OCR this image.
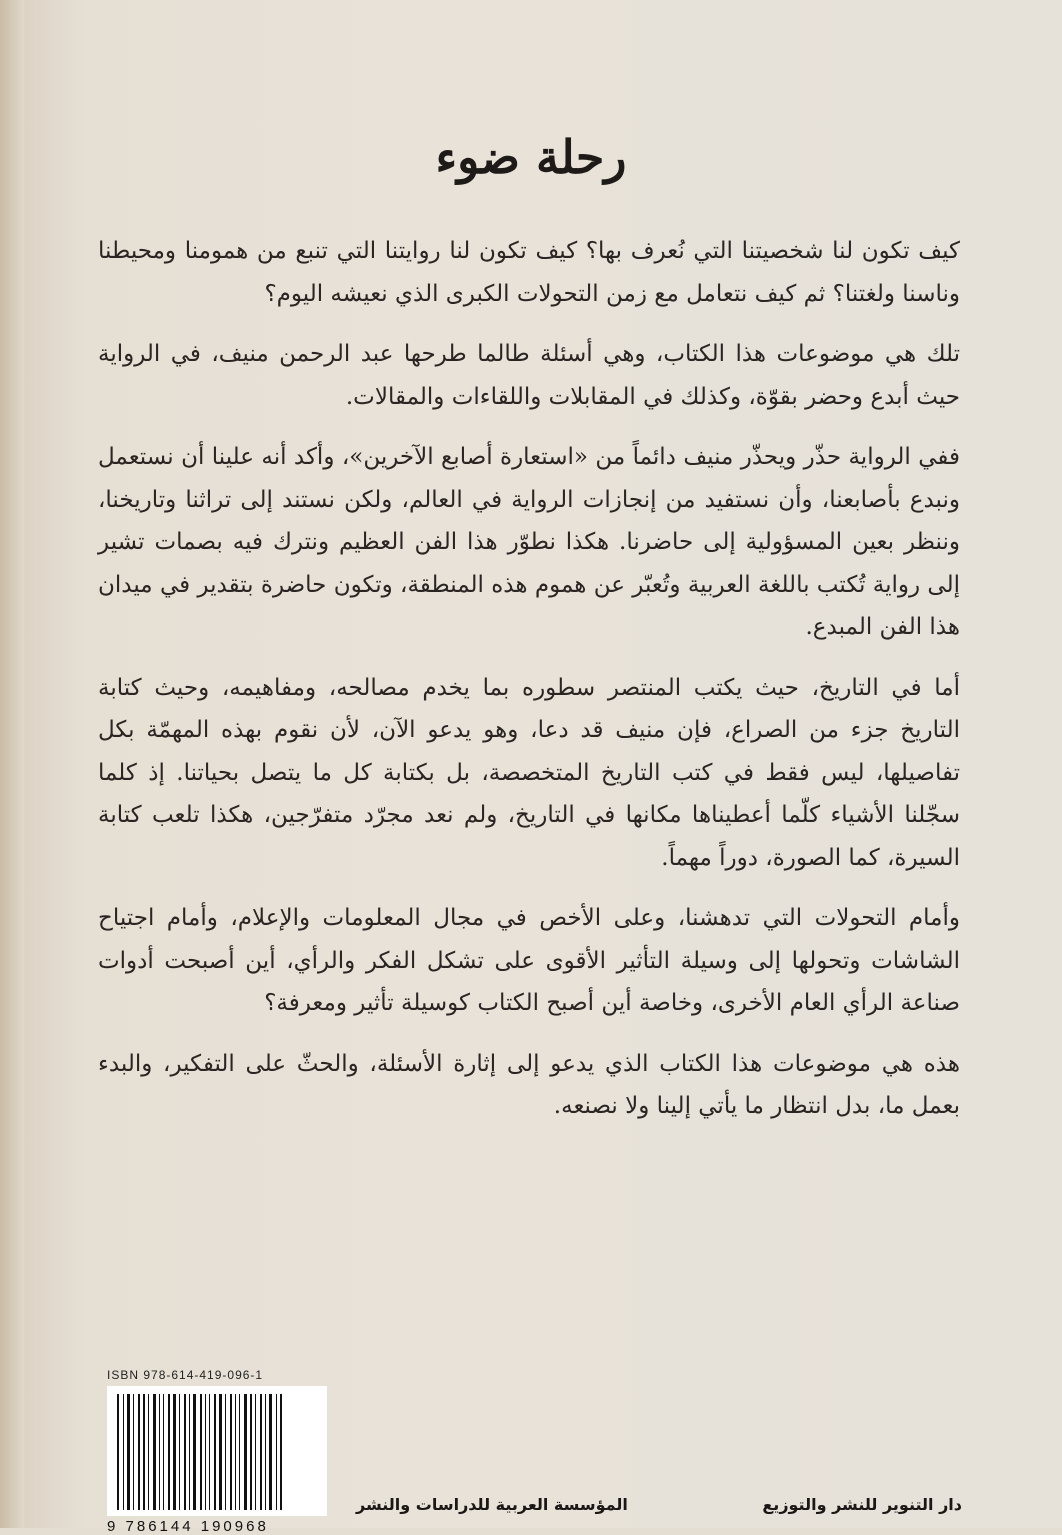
رحلة ضوء

كيف تكون لنا شخصيتنا التي نُعرف بها؟ كيف تكون لنا روايتنا التي تنبع من همومنا ومحيطنا وناسنا ولغتنا؟ ثم كيف نتعامل مع زمن التحولات الكبرى الذي نعيشه اليوم؟

تلك هي موضوعات هذا الكتاب، وهي أسئلة طالما طرحها عبد الرحمن منيف، في الرواية حيث أبدع وحضر بقوّة، وكذلك في المقابلات واللقاءات والمقالات.

ففي الرواية حذّر ويحذّر منيف دائماً من «استعارة أصابع الآخرين»، وأكد أنه علينا أن نستعمل ونبدع بأصابعنا، وأن نستفيد من إنجازات الرواية في العالم، ولكن نستند إلى تراثنا وتاريخنا، وننظر بعين المسؤولية إلى حاضرنا. هكذا نطوّر هذا الفن العظيم ونترك فيه بصمات تشير إلى رواية تُكتب باللغة العربية وتُعبّر عن هموم هذه المنطقة، وتكون حاضرة بتقدير في ميدان هذا الفن المبدع.

أما في التاريخ، حيث يكتب المنتصر سطوره بما يخدم مصالحه، ومفاهيمه، وحيث كتابة التاريخ جزء من الصراع، فإن منيف قد دعا، وهو يدعو الآن، لأن نقوم بهذه المهمّة بكل تفاصيلها، ليس فقط في كتب التاريخ المتخصصة، بل بكتابة كل ما يتصل بحياتنا. إذ كلما سجّلنا الأشياء كلّما أعطيناها مكانها في التاريخ، ولم نعد مجرّد متفرّجين، هكذا تلعب كتابة السيرة، كما الصورة، دوراً مهماً.

وأمام التحولات التي تدهشنا، وعلى الأخص في مجال المعلومات والإعلام، وأمام اجتياح الشاشات وتحولها إلى وسيلة التأثير الأقوى على تشكل الفكر والرأي، أين أصبحت أدوات صناعة الرأي العام الأخرى، وخاصة أين أصبح الكتاب كوسيلة تأثير ومعرفة؟

هذه هي موضوعات هذا الكتاب الذي يدعو إلى إثارة الأسئلة، والحثّ على التفكير، والبدء بعمل ما، بدل انتظار ما يأتي إلينا ولا نصنعه.

ISBN 978-614-419-096-1
9 786144 190968
دار التنوير للنشر والتوزيع
المؤسسة العربية للدراسات والنشر
